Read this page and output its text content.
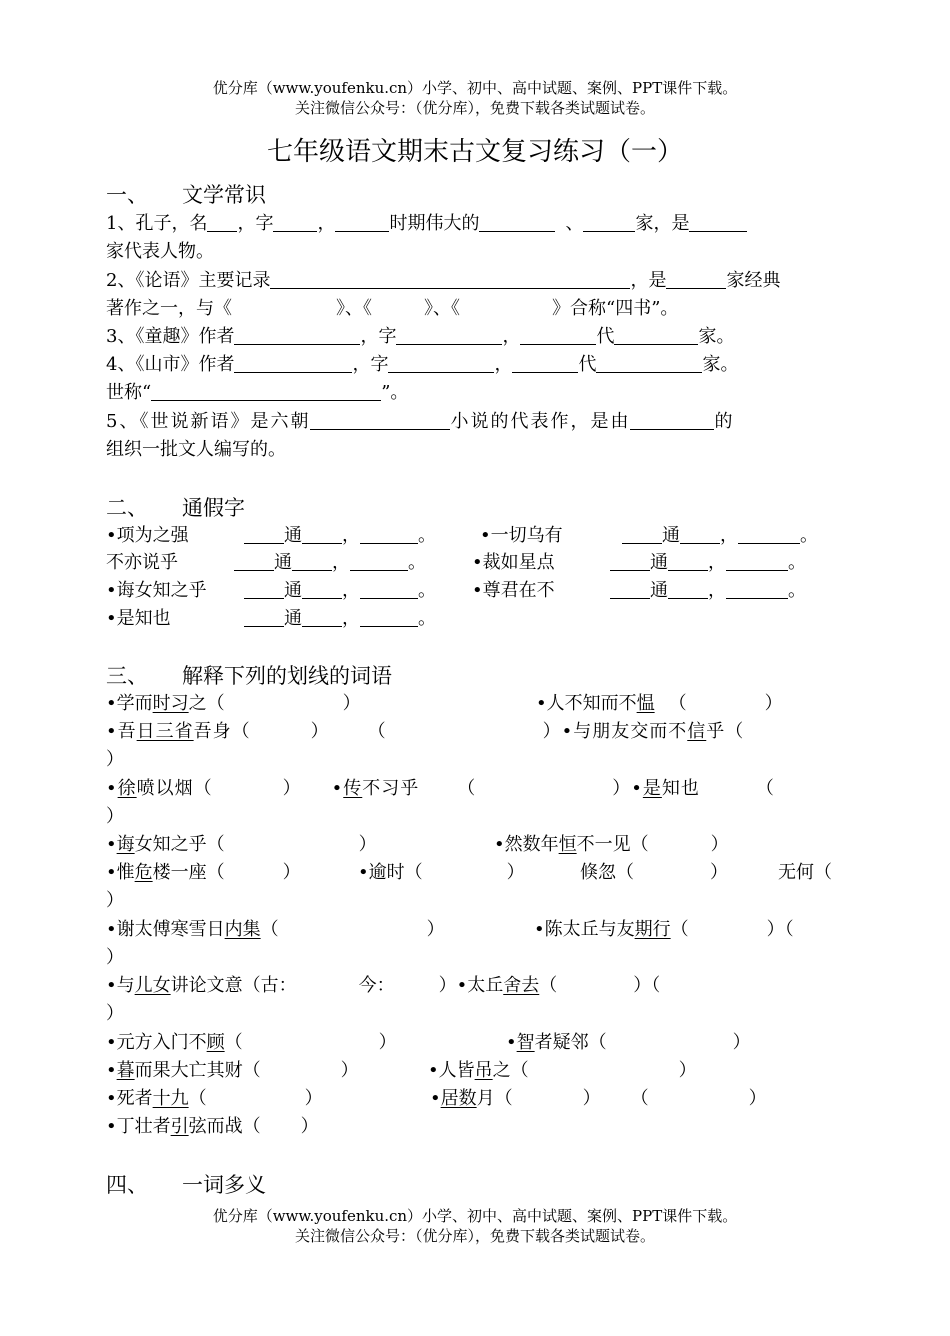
优分库（www.youfenku.cn）小学、初中、高中试题、案例、PPT课件下载。
关注微信公众号：（优分库），免费下载各类试题试卷。
七年级语文期末古文复习练习（一）
一、 文学常识
1、孔子，名 ，字 ，	时期伟大的	、	家，是
家代表人物。
2、《论语》主要记录	，是	家经典
著作之一，与《	》、《	》、《	》合称“四书”。
3、《童趣》作者	，字	，	代	家。
4、《山市》作者	，字	，	代	家。
世称“	”。
5、《世说新语》是六朝	小说的代表作，是由	的
组织一批文人编写的。
二、 通假字
•项为之强	通 ，	。 •一切乌有	通 ，	。
不亦说乎	通 ，	。	•裁如星点	通 ，	。
•诲女知之乎	通 ，	。 •尊君在不	通 ，	。
•是知也	通 ，	。
三、 解释下列的划线的词语
•学而时习之（	）	•人不知而不愠 （	）
•吾日三省吾身（	） （	）•与朋友交而不信乎（
）
•徐喷以烟（	） •传不习乎 （	）•是知也	（
）
•诲女知之乎（	）	•然数年恒不一见（	）
•惟危楼一座（	）	•逾时（	）	倏忽（	）	无何（
）
•谢太傅寒雪日内集（	）	•陈太丘与友期行（	）（
）
•与儿女讲论文意（古：	今： ）•太丘舍去（	）（
）
•元方入门不顾（	）	•智者疑邻（	）
•暮而果大亡其财（	）	•人皆吊之（	）
•死者十九（	）	•居数月（	） （	）
•丁壮者引弦而战（ ）
四、 一词多义
优分库（www.youfenku.cn）小学、初中、高中试题、案例、PPT课件下载。
关注微信公众号：（优分库），免费下载各类试题试卷。
